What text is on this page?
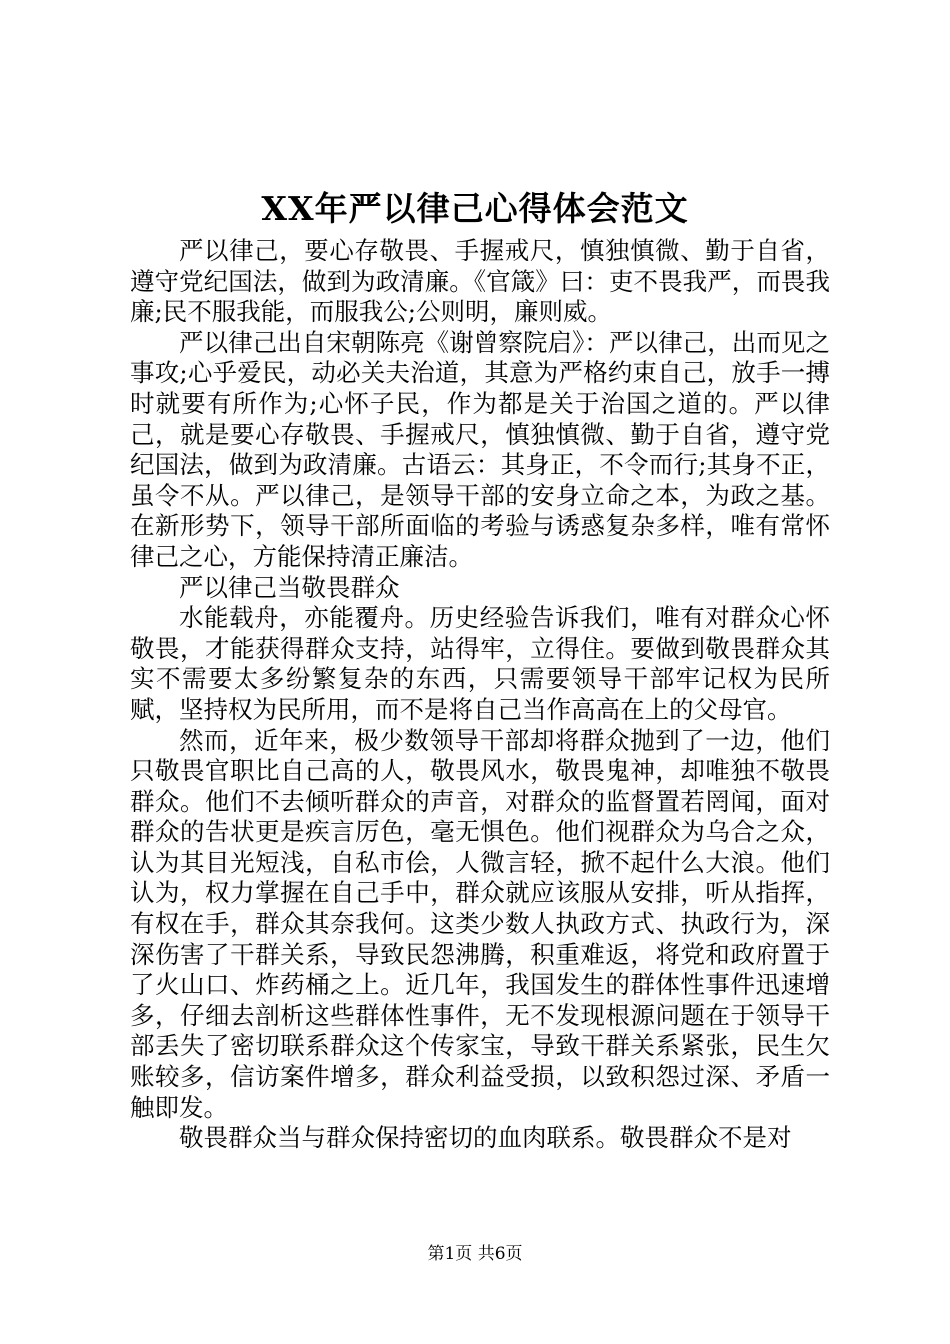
XX年严以律己心得体会范文

严以律己，要心存敬畏、手握戒尺，慎独慎微、勤于自省，遵守党纪国法，做到为政清廉。《官箴》曰：吏不畏我严，而畏我廉;民不服我能，而服我公;公则明，廉则威。

严以律己出自宋朝陈亮《谢曾察院启》：严以律己，出而见之事攻;心乎爱民，动必关夫治道，其意为严格约束自己，放手一搏时就要有所作为;心怀子民，作为都是关于治国之道的。严以律己，就是要心存敬畏、手握戒尺，慎独慎微、勤于自省，遵守党纪国法，做到为政清廉。古语云：其身正，不令而行;其身不正，虽令不从。严以律己，是领导干部的安身立命之本，为政之基。在新形势下，领导干部所面临的考验与诱惑复杂多样，唯有常怀律己之心，方能保持清正廉洁。

严以律己当敬畏群众

水能载舟，亦能覆舟。历史经验告诉我们，唯有对群众心怀敬畏，才能获得群众支持，站得牢，立得住。要做到敬畏群众其实不需要太多纷繁复杂的东西，只需要领导干部牢记权为民所赋，坚持权为民所用，而不是将自己当作高高在上的父母官。

然而，近年来，极少数领导干部却将群众抛到了一边，他们只敬畏官职比自己高的人，敬畏风水，敬畏鬼神，却唯独不敬畏群众。他们不去倾听群众的声音，对群众的监督置若罔闻，面对群众的告状更是疾言厉色，毫无惧色。他们视群众为乌合之众，认为其目光短浅，自私市侩，人微言轻，掀不起什么大浪。他们认为，权力掌握在自己手中，群众就应该服从安排，听从指挥，有权在手，群众其奈我何。这类少数人执政方式、执政行为，深深伤害了干群关系，导致民怨沸腾，积重难返，将党和政府置于了火山口、炸药桶之上。近几年，我国发生的群体性事件迅速增多，仔细去剖析这些群体性事件，无不发现根源问题在于领导干部丢失了密切联系群众这个传家宝，导致干群关系紧张，民生欠账较多，信访案件增多，群众利益受损，以致积怨过深、矛盾一触即发。

敬畏群众当与群众保持密切的血肉联系。敬畏群众不是对

第1页 共6页
